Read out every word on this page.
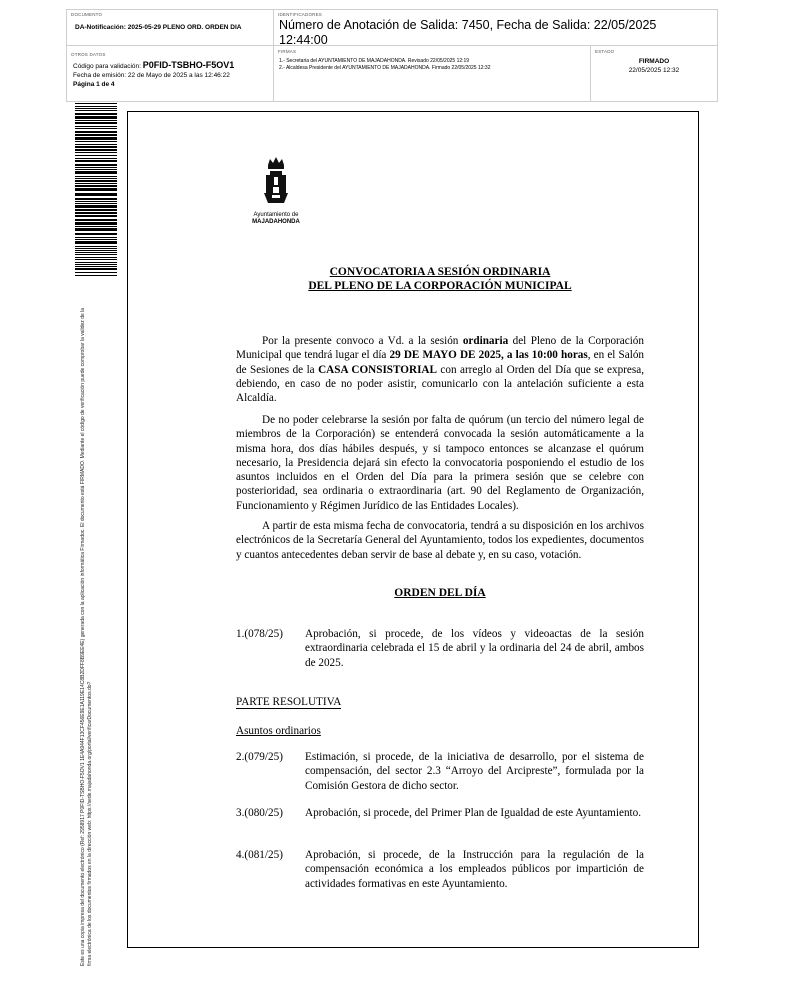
DOCUMENTO
DA-Notificación: 2025-05-29 PLENO ORD. ORDEN DIA
IDENTIFICADORES
Número de Anotación de Salida: 7450, Fecha de Salida: 22/05/2025 12:44:00
OTROS DATOS
Código para validación: P0FID-TSBHO-F5OV1
Fecha de emisión: 22 de Mayo de 2025 a las 12:46:22
Página 1 de 4
FIRMAS
1.- Secretaria del AYUNTAMIENTO DE MAJADAHONDA. Revisado 22/05/2025 12:19
2.- Alcaldesa Presidente del AYUNTAMIENTO DE MAJADAHONDA. Firmado 22/05/2025 12:32
ESTADO
FIRMADO
22/05/2025 12:32
Este es una copia impresa del documento electrónico (Ref: 2958917 P0FID-TSBHO-F5OV1 1E4A944F13CF456E9E1A119E14C8B2DFF8B9EE4E) generada con la aplicación informática Firmadoc. El documento está FIRMADO. Mediante el código de verificación puede comprobar la validez de la firma electrónica de los documentos firmados en la dirección web: https://sede.majadahonda.org/portal/verificarDocumentos.do?
Ayuntamiento de
MAJADAHONDA
CONVOCATORIA A SESIÓN ORDINARIA
DEL PLENO DE LA CORPORACIÓN MUNICIPAL
Por la presente convoco a Vd. a la sesión ordinaria del Pleno de la Corporación Municipal que tendrá lugar el día 29 DE MAYO DE 2025, a las 10:00 horas, en el Salón de Sesiones de la CASA CONSISTORIAL con arreglo al Orden del Día que se expresa, debiendo, en caso de no poder asistir, comunicarlo con la antelación suficiente a esta Alcaldía.
De no poder celebrarse la sesión por falta de quórum (un tercio del número legal de miembros de la Corporación) se entenderá convocada la sesión automáticamente a la misma hora, dos días hábiles después, y si tampoco entonces se alcanzase el quórum necesario, la Presidencia dejará sin efecto la convocatoria posponiendo el estudio de los asuntos incluidos en el Orden del Día para la primera sesión que se celebre con posterioridad, sea ordinaria o extraordinaria (art. 90 del Reglamento de Organización, Funcionamiento y Régimen Jurídico de las Entidades Locales).
A partir de esta misma fecha de convocatoria, tendrá a su disposición en los archivos electrónicos de la Secretaría General del Ayuntamiento, todos los expedientes, documentos y cuantos antecedentes deban servir de base al debate y, en su caso, votación.
ORDEN DEL DÍA
1.(078/25) Aprobación, si procede, de los vídeos y videoactas de la sesión extraordinaria celebrada el 15 de abril y la ordinaria del 24 de abril, ambos de 2025.
PARTE RESOLUTIVA
Asuntos ordinarios
2.(079/25) Estimación, si procede, de la iniciativa de desarrollo, por el sistema de compensación, del sector 2.3 “Arroyo del Arcipreste”, formulada por la Comisión Gestora de dicho sector.
3.(080/25) Aprobación, si procede, del Primer Plan de Igualdad de este Ayuntamiento.
4.(081/25) Aprobación, si procede, de la Instrucción para la regulación de la compensación económica a los empleados públicos por impartición de actividades formativas en este Ayuntamiento.
